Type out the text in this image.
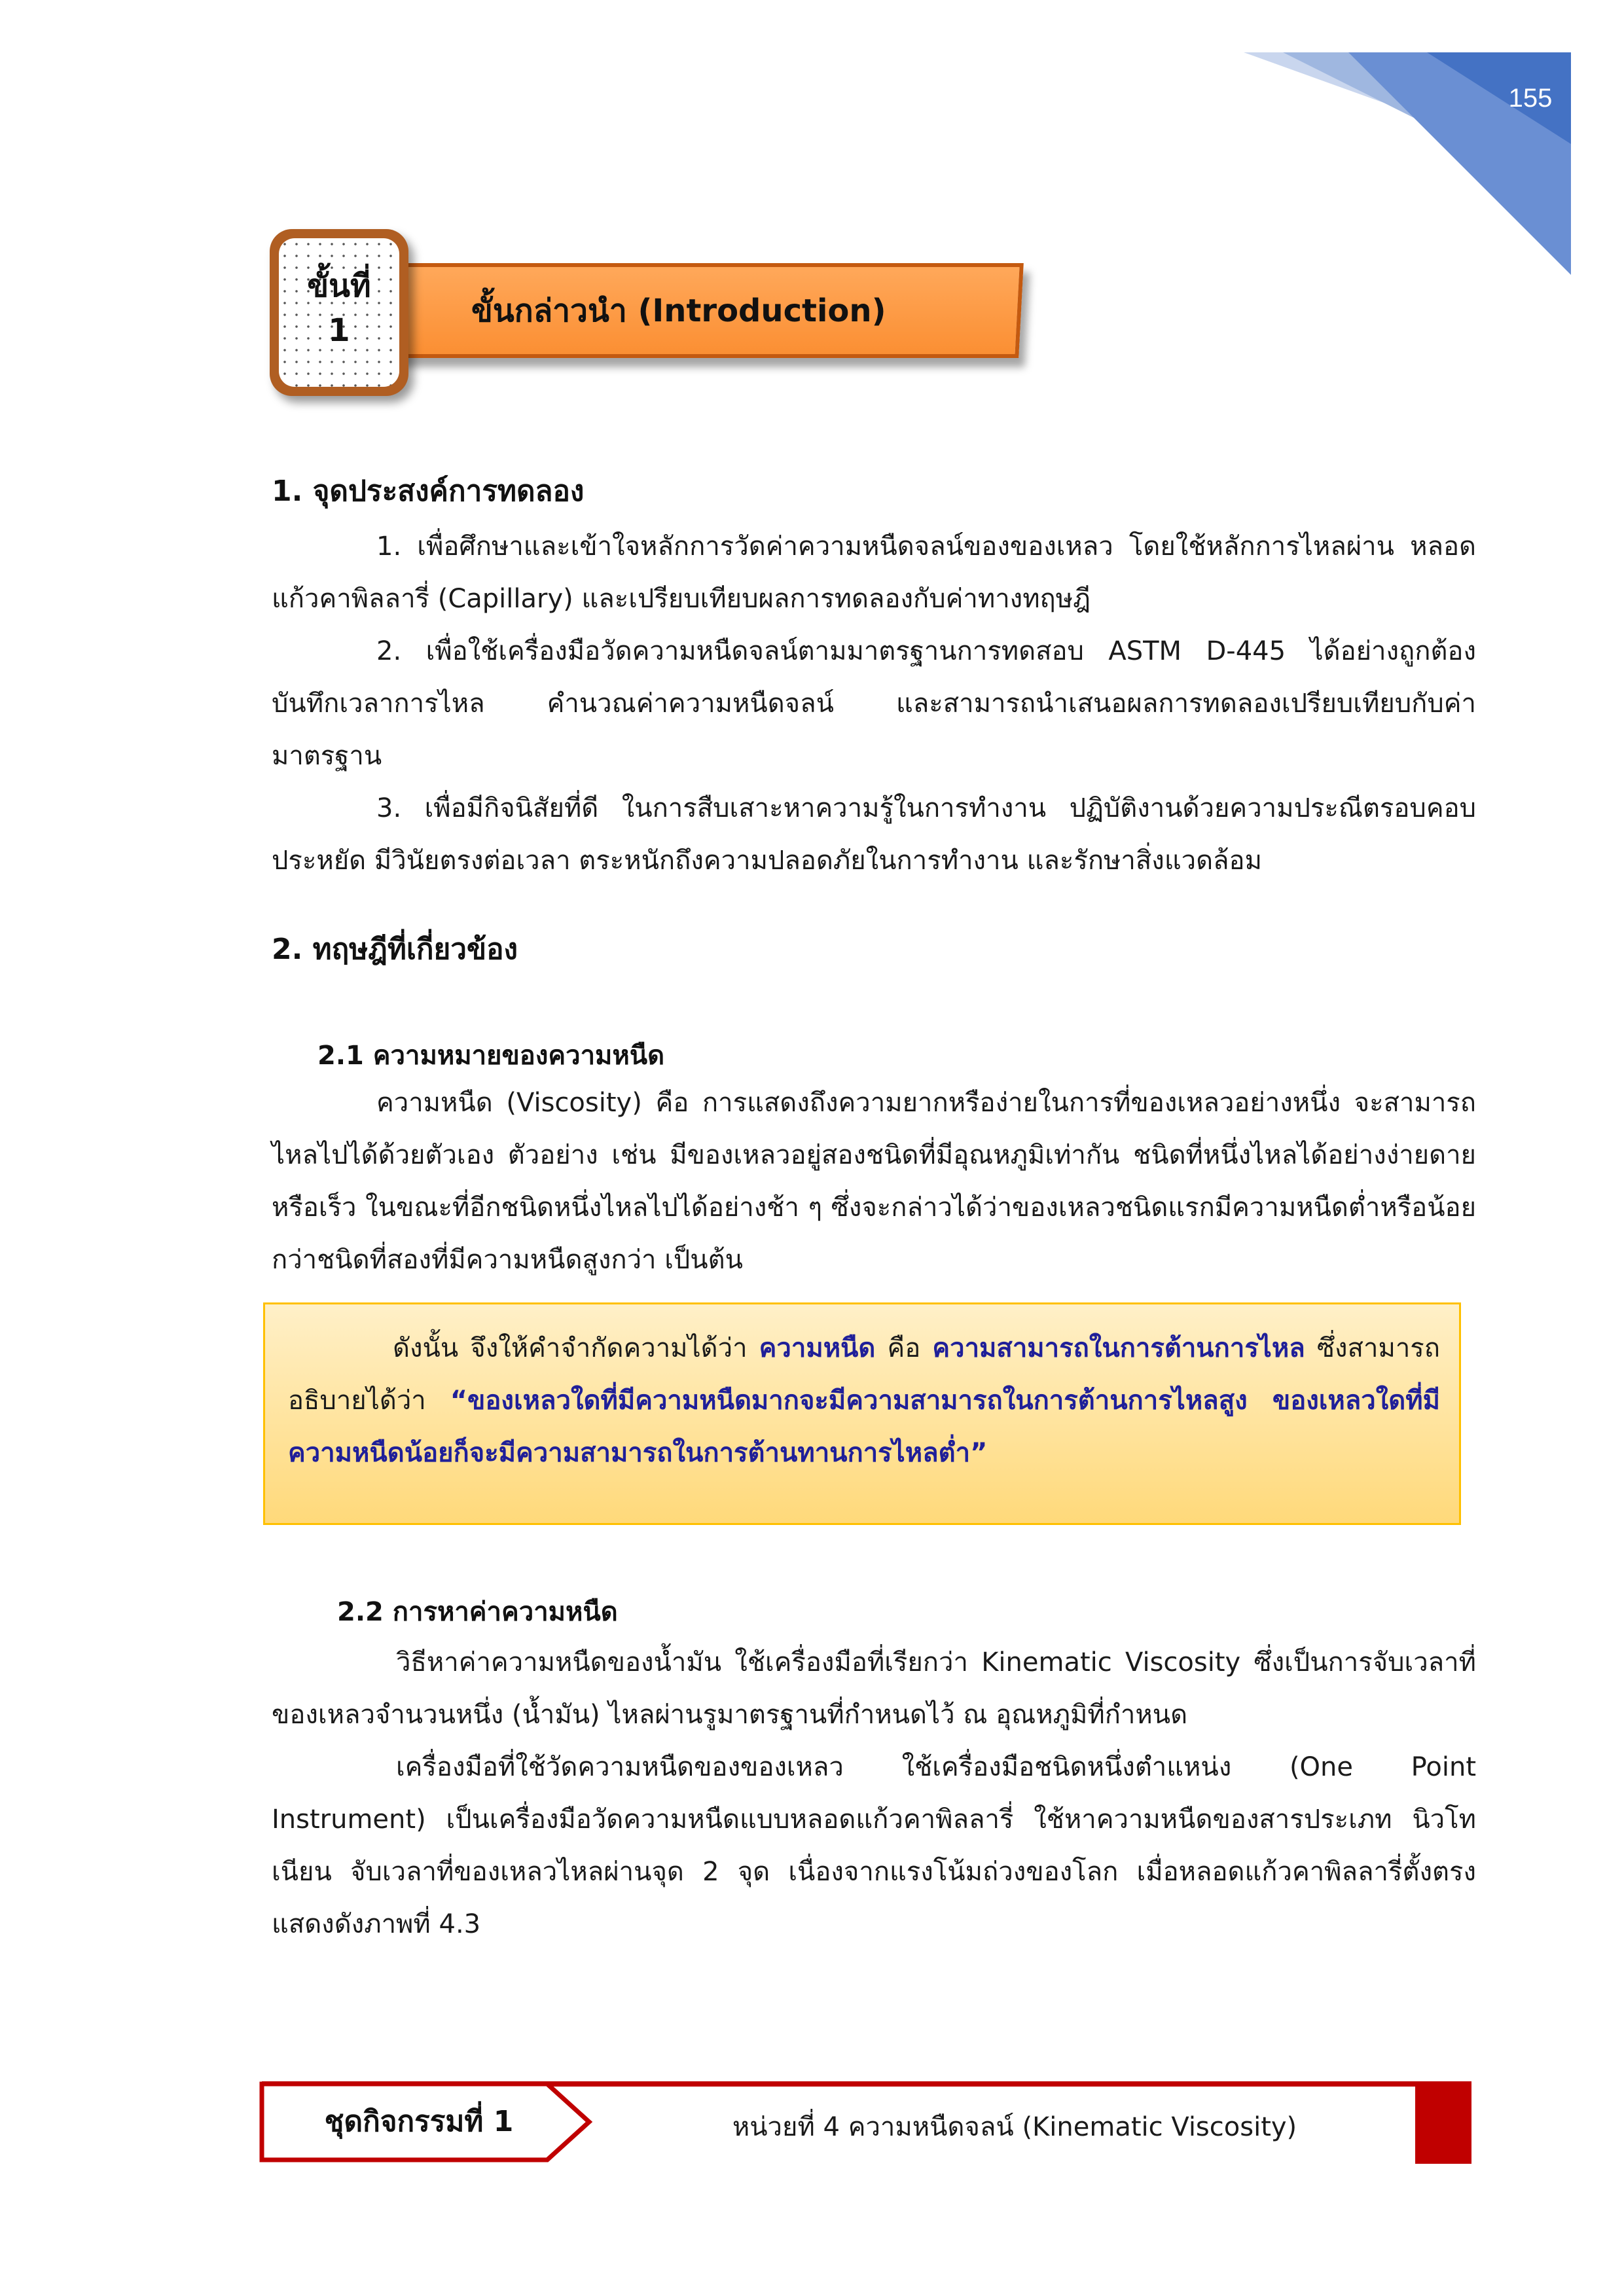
155
ขั้นกล่าวนำ (Introduction)
ขั้นที่
1
1. จุดประสงค์การทดลอง

1. เพื่อศึกษาและเข้าใจหลักการวัดค่าความหนืดจลน์ของของเหลว โดยใช้หลักการไหลผ่าน หลอดแก้วคาพิลลารี่ (Capillary) และเปรียบเทียบผลการทดลองกับค่าทางทฤษฎี

2. เพื่อใช้เครื่องมือวัดความหนืดจลน์ตามมาตรฐานการทดสอบ ASTM D-445 ได้อย่างถูกต้อง บันทึกเวลาการไหล คำนวณค่าความหนืดจลน์ และสามารถนำเสนอผลการทดลองเปรียบเทียบกับค่ามาตรฐาน

3. เพื่อมีกิจนิสัยที่ดี ในการสืบเสาะหาความรู้ในการทำงาน ปฏิบัติงานด้วยความประณีตรอบคอบ ประหยัด มีวินัยตรงต่อเวลา ตระหนักถึงความปลอดภัยในการทำงาน และรักษาสิ่งแวดล้อม

2. ทฤษฎีที่เกี่ยวข้อง
2.1 ความหมายของความหนืด

ความหนืด (Viscosity) คือ การแสดงถึงความยากหรือง่ายในการที่ของเหลวอย่างหนึ่ง จะสามารถไหลไปได้ด้วยตัวเอง ตัวอย่าง เช่น มีของเหลวอยู่สองชนิดที่มีอุณหภูมิเท่ากัน ชนิดที่หนึ่งไหลได้อย่างง่ายดายหรือเร็ว ในขณะที่อีกชนิดหนึ่งไหลไปได้อย่างช้า ๆ ซึ่งจะกล่าวได้ว่าของเหลวชนิดแรกมีความหนืดต่ำหรือน้อยกว่าชนิดที่สองที่มีความหนืดสูงกว่า เป็นต้น

ดังนั้น จึงให้คำจำกัดความได้ว่า ความหนืด คือ ความสามารถในการต้านการไหล ซึ่งสามารถอธิบายได้ว่า “ของเหลวใดที่มีความหนืดมากจะมีความสามารถในการต้านการไหลสูง ของเหลวใดที่มีความหนืดน้อยก็จะมีความสามารถในการต้านทานการไหลต่ำ”

2.2 การหาค่าความหนืด

วิธีหาค่าความหนืดของน้ำมัน ใช้เครื่องมือที่เรียกว่า Kinematic Viscosity ซึ่งเป็นการจับเวลาที่ของเหลวจำนวนหนึ่ง (น้ำมัน) ไหลผ่านรูมาตรฐานที่กำหนดไว้ ณ อุณหภูมิที่กำหนด

เครื่องมือที่ใช้วัดความหนืดของของเหลว ใช้เครื่องมือชนิดหนึ่งตำแหน่ง (One Point Instrument) เป็นเครื่องมือวัดความหนืดแบบหลอดแก้วคาพิลลารี่ ใช้หาความหนืดของสารประเภท นิวโทเนียน จับเวลาที่ของเหลวไหลผ่านจุด 2 จุด เนื่องจากแรงโน้มถ่วงของโลก เมื่อหลอดแก้วคาพิลลารี่ตั้งตรง แสดงดังภาพที่ 4.3

ชุดกิจกรรมที่ 1	หน่วยที่ 4 ความหนืดจลน์ (Kinematic Viscosity)
